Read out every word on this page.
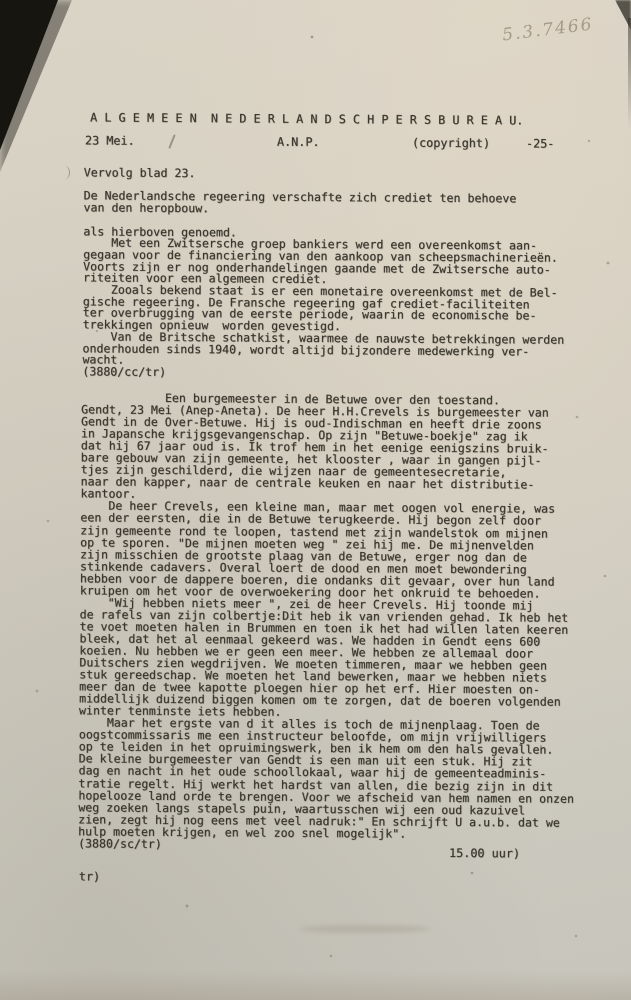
5.3.7466
A L G E M E E N  N E D E R L A N D S C H P E R S B U R E A U.
23 Mei.	A.N.P.	(copyright)	-25-
Vervolg blad 23.

De Nederlandsche regeering verschafte zich crediet ten behoeve
van den heropbouw.

als hierboven genoemd.
Met een Zwitsersche groep bankiers werd een overeenkomst aan-
gegaan voor de financiering van den aankoop van scheepsmachinerieën.
Voorts zijn er nog onderhandelingen gaande met de Zwitsersche auto-
riteiten voor een algemeen crediet.
Zooals bekend staat is er een monetaire overeenkomst met de Bel-
gische regeering. De Fransche regeering gaf crediet-faciliteiten
ter overbrugging van de eerste periode, waarin de economische be-
trekkingen opnieuw  worden gevestigd.
Van de Britsche schatkist, waarmee de nauwste betrekkingen werden
onderhouden sinds 1940, wordt altijd bijzondere medewerking ver-
wacht.
(3880/cc/tr)
Een burgemeester in de Betuwe over den toestand.
Gendt, 23 Mei (Anep-Aneta). De heer H.H.Crevels is burgemeester van
Gendt in de Over-Betuwe. Hij is oud-Indischman en heeft drie zoons
in Japansche krijgsgevangenschap. Op zijn "Betuwe-boekje" zag ik
dat hij 67 jaar oud is. Ik trof hem in het eenige eenigszins bruik-
bare gebouw van zijn gemeente, het klooster , waar in gangen pijl-
tjes zijn geschilderd, die wijzen naar de gemeentesecretarie,
naar den kapper, naar de centrale keuken en naar het distributie-
kantoor.
De heer Crevels, een kleine man, maar met oogen vol energie, was
een der eersten, die in de Betuwe terugkeerde. Hij begon zelf door
zijn gemeente rond te loopen, tastend met zijn wandelstok om mijnen
op te sporen. "De mijnen moeten weg " zei hij me. De mijnenvelden
zijn misschien de grootste plaag van de Betuwe, erger nog dan de
stinkende cadavers. Overal loert de dood en men moet bewondering
hebben voor de dappere boeren, die ondanks dit gevaar, over hun land
kruipen om het voor de overwoekering door het onkruid te behoeden.
"Wij hebben niets meer ", zei de heer Crevels. Hij toonde mij
de rafels van zijn colbertje:Dit heb ik van vrienden gehad. Ik heb het
te voet moeten halen in Brummen en toen ik het had willen laten keeren
bleek, dat het al eenmaal gekeerd was. We hadden in Gendt eens 600
koeien. Nu hebben we er geen een meer. We hebben ze allemaal door
Duitschers zien wegdrijven. We moeten timmeren, maar we hebben geen
stuk gereedschap. We moeten het land bewerken, maar we hebben niets
meer dan de twee kapotte ploegen hier op het erf. Hier moesten on-
middellijk duizend biggen komen om te zorgen, dat de boeren volgenden
winter tenminste iets hebben.
Maar het ergste van d it alles is toch de mijnenplaag. Toen de
oogstcommissaris me een instructeur beloofde, om mijn vrijwilligers
op te leiden in het opruimingswerk, ben ik hem om den hals gevallen.
De kleine burgemeester van Gendt is een man uit een stuk. Hij zit
dag en nacht in het oude schoollokaal, waar hij de gemeenteadminis-
tratie regelt. Hij werkt het hardst van allen, die bezig zijn in dit
hopelooze land orde te brengen. Voor we afscheid van hem namen en onzen
weg zoeken langs stapels puin, waartusschen wij een oud kazuivel
zien, zegt hij nog eens met veel nadruk:" En schrijft U a.u.b. dat we
hulp moeten krijgen, en wel zoo snel mogelijk".
(3880/sc/tr)
15.00 uur)
tr)
